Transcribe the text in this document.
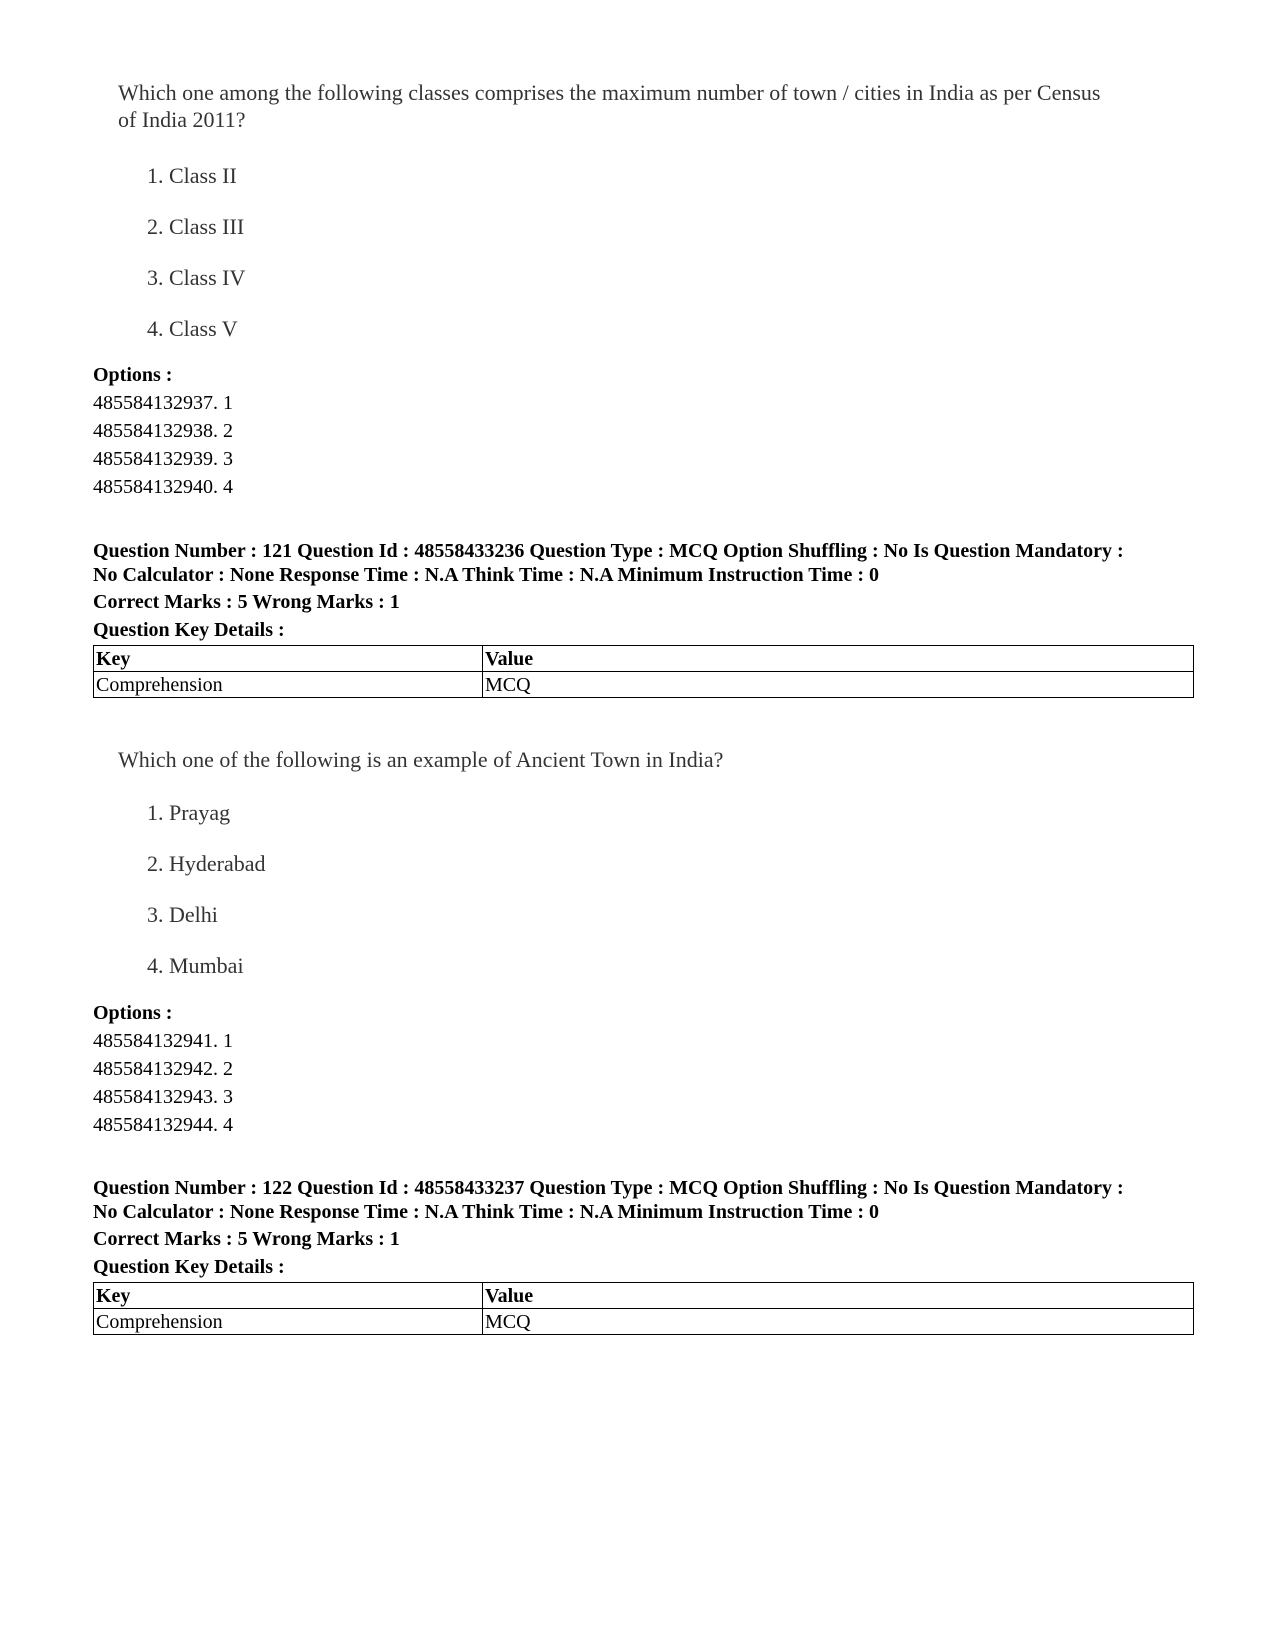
Which one among the following classes comprises the maximum number of town / cities in India as per Census of India 2011?
1. Class II
2. Class III
3. Class IV
4. Class V
Options :
485584132937. 1
485584132938. 2
485584132939. 3
485584132940. 4
Question Number : 121 Question Id : 48558433236 Question Type : MCQ Option Shuffling : No Is Question Mandatory :
No Calculator : None Response Time : N.A Think Time : N.A Minimum Instruction Time : 0
Correct Marks : 5 Wrong Marks : 1
Question Key Details :
Key	Value
Comprehension	MCQ
Which one of the following is an example of Ancient Town in India?
1. Prayag
2. Hyderabad
3. Delhi
4. Mumbai
Options :
485584132941. 1
485584132942. 2
485584132943. 3
485584132944. 4
Question Number : 122 Question Id : 48558433237 Question Type : MCQ Option Shuffling : No Is Question Mandatory :
No Calculator : None Response Time : N.A Think Time : N.A Minimum Instruction Time : 0
Correct Marks : 5 Wrong Marks : 1
Question Key Details :
Key	Value
Comprehension	MCQ
